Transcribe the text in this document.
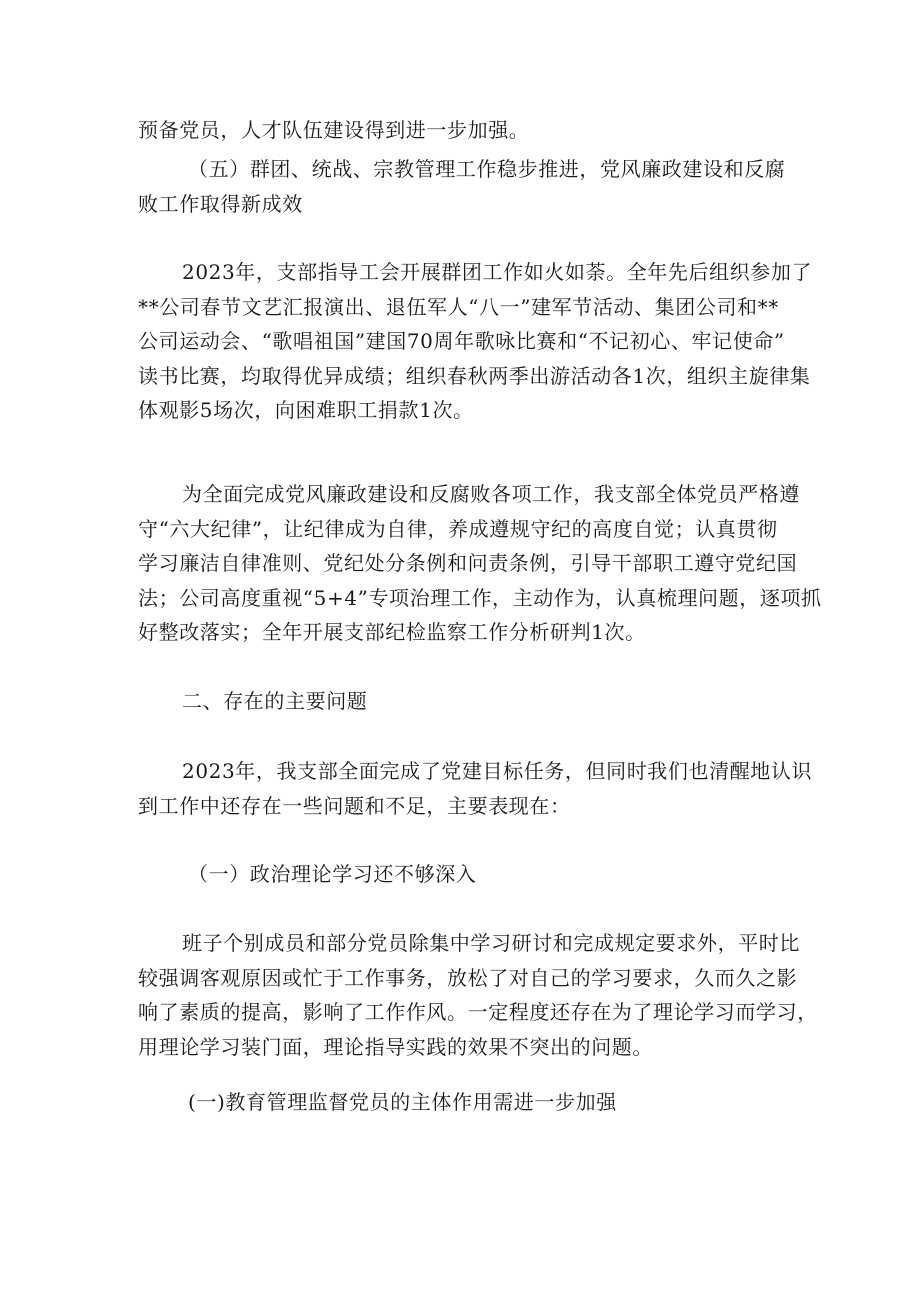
预备党员，人才队伍建设得到进一步加强。

（五）群团、统战、宗教管理工作稳步推进，党风廉政建设和反腐
败工作取得新成效

2023年，支部指导工会开展群团工作如火如荼。全年先后组织参加了
**公司春节文艺汇报演出、退伍军人“八一”建军节活动、集团公司和**
公司运动会、“歌唱祖国”建国70周年歌咏比赛和“不记初心、牢记使命”
读书比赛，均取得优异成绩；组织春秋两季出游活动各1次，组织主旋律集
体观影5场次，向困难职工捐款1次。

为全面完成党风廉政建设和反腐败各项工作，我支部全体党员严格遵
守“六大纪律”，让纪律成为自律，养成遵规守纪的高度自觉；认真贯彻
学习廉洁自律准则、党纪处分条例和问责条例，引导干部职工遵守党纪国
法；公司高度重视“5+4”专项治理工作，主动作为，认真梳理问题，逐项抓
好整改落实；全年开展支部纪检监察工作分析研判1次。

二、存在的主要问题

2023年，我支部全面完成了党建目标任务，但同时我们也清醒地认识
到工作中还存在一些问题和不足，主要表现在：

（一）政治理论学习还不够深入

班子个别成员和部分党员除集中学习研讨和完成规定要求外，平时比
较强调客观原因或忙于工作事务，放松了对自己的学习要求，久而久之影
响了素质的提高，影响了工作作风。一定程度还存在为了理论学习而学习，
用理论学习装门面，理论指导实践的效果不突出的问题。

(一)教育管理监督党员的主体作用需进一步加强
